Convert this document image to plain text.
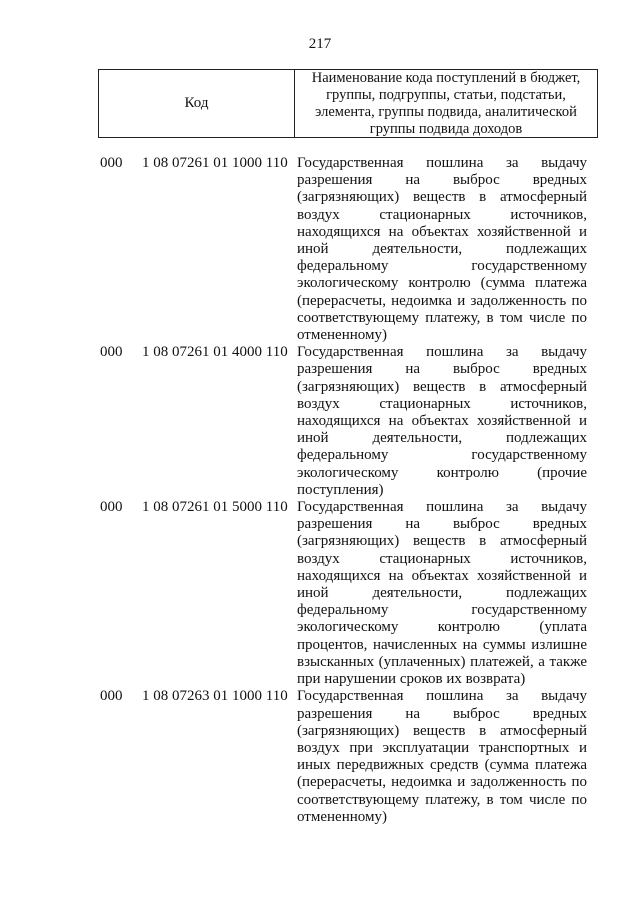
217
Код
Наименование кода поступлений в бюджет, группы, подгруппы, статьи, подстатьи, элемента, группы подвида, аналитической группы подвида доходов
000	1 08 07261 01 1000 110 Государственная пошлина за выдачу разрешения на выброс вредных (загрязняющих) веществ в атмосферный воздух стационарных источников, находящихся на объектах хозяйственной и иной деятельности, подлежащих федеральному государственному экологическому контролю (сумма платежа (перерасчеты, недоимка и задолженность по соответствующему платежу, в том числе по отмененному)
000	1 08 07261 01 4000 110 Государственная пошлина за выдачу разрешения на выброс вредных (загрязняющих) веществ в атмосферный воздух стационарных источников, находящихся на объектах хозяйственной и иной деятельности, подлежащих федеральному государственному экологическому контролю (прочие поступления)
000	1 08 07261 01 5000 110 Государственная пошлина за выдачу разрешения на выброс вредных (загрязняющих) веществ в атмосферный воздух стационарных источников, находящихся на объектах хозяйственной и иной деятельности, подлежащих федеральному государственному экологическому контролю (уплата процентов, начисленных на суммы излишне взысканных (уплаченных) платежей, а также при нарушении сроков их возврата)
000	1 08 07263 01 1000 110 Государственная пошлина за выдачу разрешения на выброс вредных (загрязняющих) веществ в атмосферный воздух при эксплуатации транспортных и иных передвижных средств (сумма платежа (перерасчеты, недоимка и задолженность по соответствующему платежу, в том числе по отмененному)
